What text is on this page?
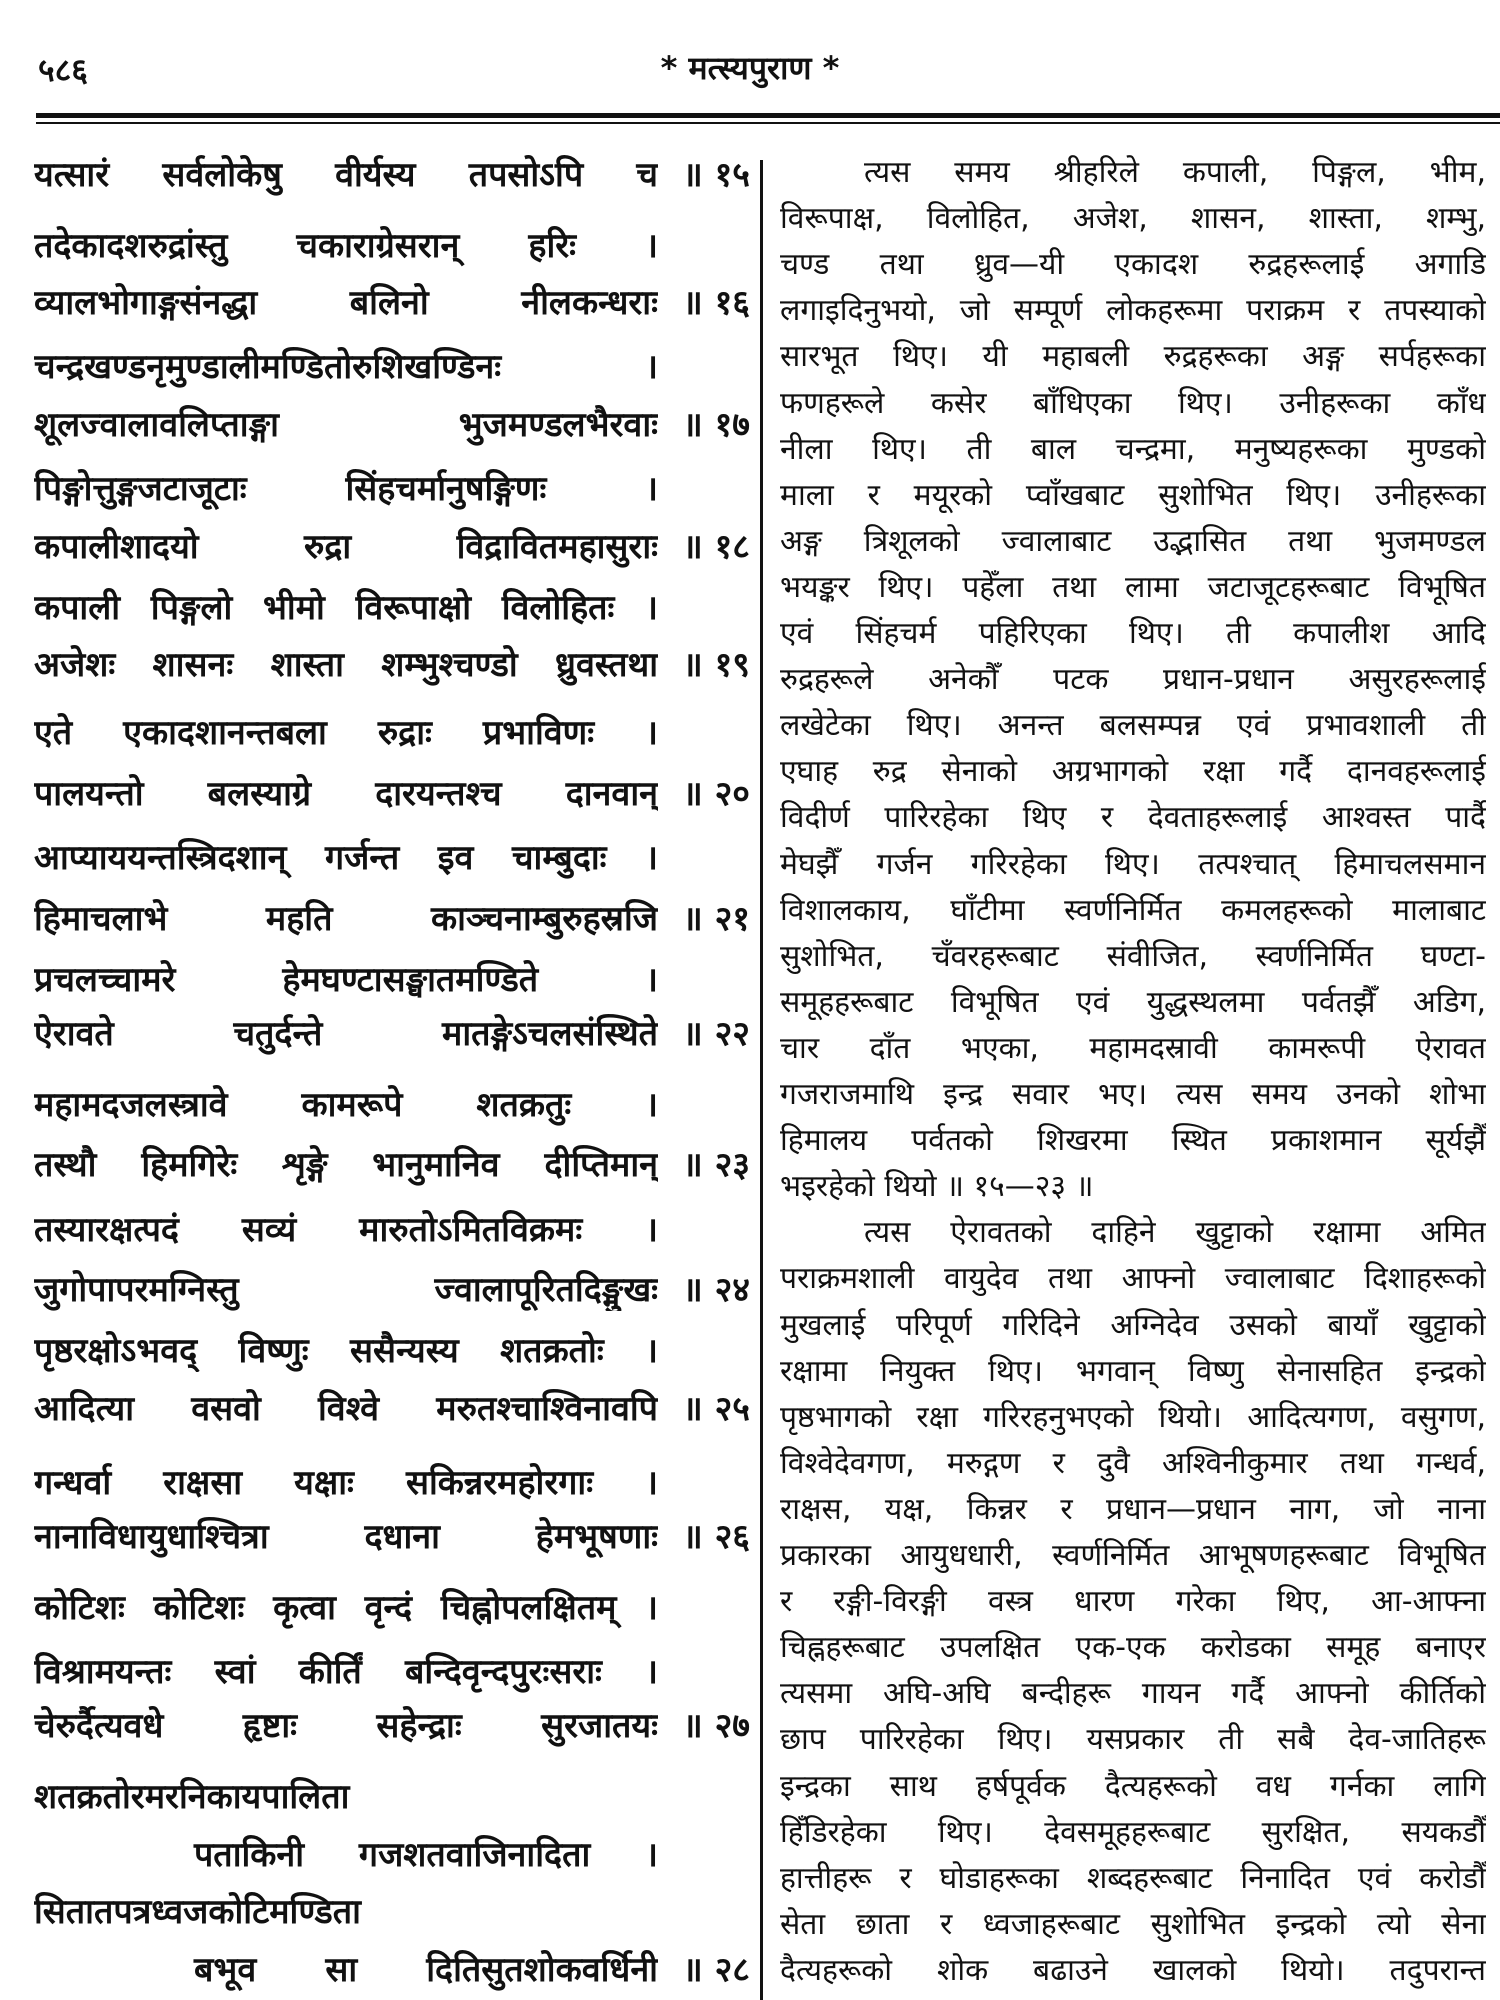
५८६	* मत्स्यपुराण *
यत्सारं सर्वलोकेषु वीर्यस्य तपसोऽपि च ॥ १५
तदेकादशरुद्रांस्तु चकाराग्रेसरान् हरिः ।
व्यालभोगाङ्गसंनद्धा बलिनो नीलकन्धराः ॥ १६
चन्द्रखण्डनृमुण्डालीमण्डितोरुशिखण्डिनः ।
शूलज्वालावलिप्ताङ्गा भुजमण्डलभैरवाः ॥ १७
पिङ्गोत्तुङ्गजटाजूटाः सिंहचर्मानुषङ्गिणः ।
कपालीशादयो रुद्रा विद्रावितमहासुराः ॥ १८
कपाली पिङ्गलो भीमो विरूपाक्षो विलोहितः ।
अजेशः शासनः शास्ता शम्भुश्चण्डो ध्रुवस्तथा ॥ १९
एते एकादशानन्तबला रुद्राः प्रभाविणः ।
पालयन्तो बलस्याग्रे दारयन्तश्च दानवान् ॥ २०
आप्याययन्तस्त्रिदशान् गर्जन्त इव चाम्बुदाः ।
हिमाचलाभे महति काञ्चनाम्बुरुहस्रजि ॥ २१
प्रचलच्चामरे हेमघण्टासङ्घातमण्डिते ।
ऐरावते चतुर्दन्ते मातङ्गेऽचलसंस्थिते ॥ २२
महामदजलस्त्रावे कामरूपे शतक्रतुः ।
तस्थौ हिमगिरेः शृङ्गे भानुमानिव दीप्तिमान् ॥ २३
तस्यारक्षत्पदं सव्यं मारुतोऽमितविक्रमः ।
जुगोपापरमग्निस्तु ज्वालापूरितदिङ्मुखः ॥ २४
पृष्ठरक्षोऽभवद् विष्णुः ससैन्यस्य शतक्रतोः ।
आदित्या वसवो विश्वे मरुतश्चाश्विनावपि ॥ २५
गन्धर्वा राक्षसा यक्षाः सकिन्नरमहोरगाः ।
नानाविधायुधाश्चित्रा दधाना हेमभूषणाः ॥ २६
कोटिशः कोटिशः कृत्वा वृन्दं चिह्नोपलक्षितम् ।
विश्रामयन्तः स्वां कीर्तिं बन्दिवृन्दपुरःसराः ।
चेरुर्दैत्यवधे हृष्टाः सहेन्द्राः सुरजातयः ॥ २७
शतक्रतोरमरनिकायपालिता
पताकिनी गजशतवाजिनादिता ।
सितातपत्रध्वजकोटिमण्डिता
बभूव सा दितिसुतशोकवर्धिनी ॥ २८
त्यस समय श्रीहरिले कपाली, पिङ्गल, भीम,
विरूपाक्ष, विलोहित, अजेश, शासन, शास्ता, शम्भु,
चण्ड तथा ध्रुव—यी एकादश रुद्रहरूलाई अगाडि
लगाइदिनुभयो, जो सम्पूर्ण लोकहरूमा पराक्रम र तपस्याको
सारभूत थिए। यी महाबली रुद्रहरूका अङ्ग सर्पहरूका
फणहरूले कसेर बाँधिएका थिए। उनीहरूका काँध
नीला थिए। ती बाल चन्द्रमा, मनुष्यहरूका मुण्डको
माला र मयूरको प्वाँखबाट सुशोभित थिए। उनीहरूका
अङ्ग त्रिशूलको ज्वालाबाट उद्भासित तथा भुजमण्डल
भयङ्कर थिए। पहेँला तथा लामा जटाजूटहरूबाट विभूषित
एवं सिंहचर्म पहिरिएका थिए। ती कपालीश आदि
रुद्रहरूले अनेकौँ पटक प्रधान-प्रधान असुरहरूलाई
लखेटेका थिए। अनन्त बलसम्पन्न एवं प्रभावशाली ती
एघाह रुद्र सेनाको अग्रभागको रक्षा गर्दै दानवहरूलाई
विदीर्ण पारिरहेका थिए र देवताहरूलाई आश्वस्त पार्दै
मेघझैँ गर्जन गरिरहेका थिए। तत्पश्चात् हिमाचलसमान
विशालकाय, घाँटीमा स्वर्णनिर्मित कमलहरूको मालाबाट
सुशोभित, चँवरहरूबाट संवीजित, स्वर्णनिर्मित घण्टा-
समूहहरूबाट विभूषित एवं युद्धस्थलमा पर्वतझैँ अडिग,
चार दाँत भएका, महामदस्रावी कामरूपी ऐरावत
गजराजमाथि इन्द्र सवार भए। त्यस समय उनको शोभा
हिमालय पर्वतको शिखरमा स्थित प्रकाशमान सूर्यझैँ
भइरहेको थियो ॥ १५—२३ ॥
त्यस ऐरावतको दाहिने खुट्टाको रक्षामा अमित
पराक्रमशाली वायुदेव तथा आफ्नो ज्वालाबाट दिशाहरूको
मुखलाई परिपूर्ण गरिदिने अग्निदेव उसको बायाँ खुट्टाको
रक्षामा नियुक्त थिए। भगवान् विष्णु सेनासहित इन्द्रको
पृष्ठभागको रक्षा गरिरहनुभएको थियो। आदित्यगण, वसुगण,
विश्वेदेवगण, मरुद्गण र दुवै अश्विनीकुमार तथा गन्धर्व,
राक्षस, यक्ष, किन्नर र प्रधान—प्रधान नाग, जो नाना
प्रकारका आयुधधारी, स्वर्णनिर्मित आभूषणहरूबाट विभूषित
र रङ्गी-विरङ्गी वस्त्र धारण गरेका थिए, आ-आफ्ना
चिह्नहरूबाट उपलक्षित एक-एक करोडका समूह बनाएर
त्यसमा अघि-अघि बन्दीहरू गायन गर्दै आफ्नो कीर्तिको
छाप पारिरहेका थिए। यसप्रकार ती सबै देव-जातिहरू
इन्द्रका साथ हर्षपूर्वक दैत्यहरूको वध गर्नका लागि
हिँडिरहेका थिए। देवसमूहहरूबाट सुरक्षित, सयकडौँ
हात्तीहरू र घोडाहरूका शब्दहरूबाट निनादित एवं करोडौँ
सेता छाता र ध्वजाहरूबाट सुशोभित इन्द्रको त्यो सेना
दैत्यहरूको शोक बढाउने खालको थियो। तदुपरान्त
